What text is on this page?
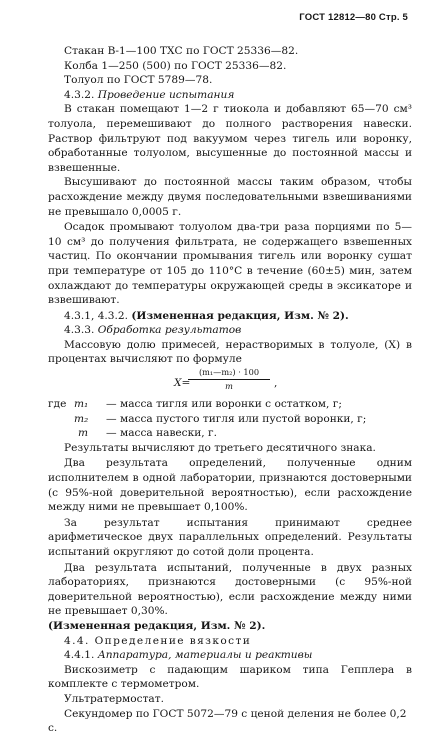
ГОСТ 12812—80 Стр. 5

Стакан В-1—100 ТХС по ГОСТ 25336—82.

Колба 1—250 (500) по ГОСТ 25336—82.

Толуол по ГОСТ 5789—78.

4.3.2. Проведение испытания

В стакан помещают 1—2 г тиокола и добавляют 65—70 см³ толуола, перемешивают до полного растворения навески. Раствор фильтруют под вакуумом через тигель или воронку, обработанные толуолом, высушенные до постоянной массы и взвешенные.

Высушивают до постоянной массы таким образом, чтобы расхождение между двумя последовательными взвешиваниями не превышало 0,0005 г.

Осадок промывают толуолом два-три раза порциями по 5—10 см³ до получения фильтрата, не содержащего взвешенных частиц. По окончании промывания тигель или воронку сушат при температуре от 105 до 110°С в течение (60±5) мин, затем охлаждают до температуры окружающей среды в эксикаторе и взвешивают.

4.3.1, 4.3.2. (Измененная редакция, Изм. № 2).

4.3.3. Обработка результатов

Массовую долю примесей, нерастворимых в толуоле, (X) в процентах вычисляют по формуле

X=
$\frac{\text{(m₁—m₂) · 100}}{m}$ ,
где m₁ — масса тигля или воронки с остатком, г;
m₂ — масса пустого тигля или пустой воронки, г;
m — масса навески, г.

Результаты вычисляют до третьего десятичного знака.

Два результата определений, полученные одним исполнителем в одной лаборатории, признаются достоверными (с 95%-ной доверительной вероятностью), если расхождение между ними не превышает 0,100%.

За результат испытания принимают среднее арифметическое двух параллельных определений. Результаты испытаний округляют до сотой доли процента.

Два результата испытаний, полученные в двух разных лабораториях, признаются достоверными (с 95%-ной доверительной вероятностью), если расхождение между ними не превышает 0,30%.

(Измененная редакция, Изм. № 2).

4.4. Определение вязкости

4.4.1. Аппаратура, материалы и реактивы

Вискозиметр с падающим шариком типа Гепплера в комплекте с термометром.

Ультратермостат.

Секундомер по ГОСТ 5072—79 с ценой деления не более 0,2 с.
